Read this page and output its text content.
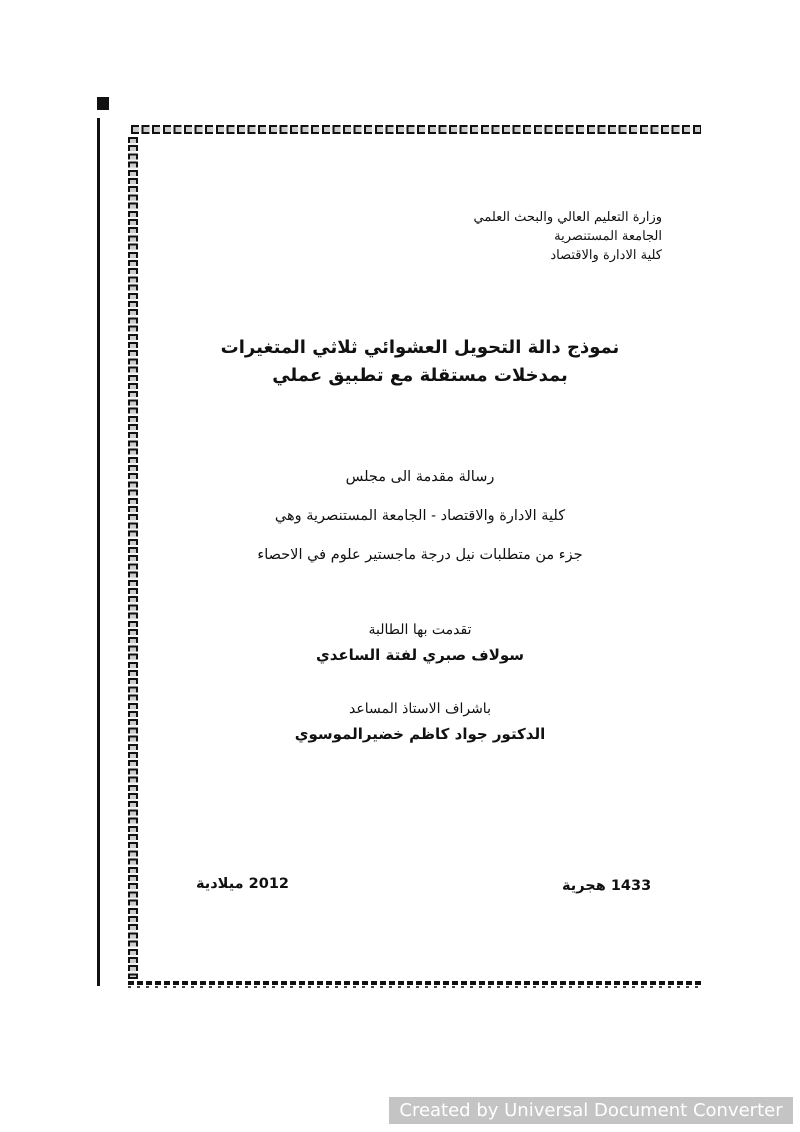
وزارة التعليم العالي والبحث العلمي
الجامعة المستنصرية
كلية الادارة والاقتصاد
نموذج دالة التحويل العشوائي ثلاثي المتغيرات
بمدخلات مستقلة مع تطبيق عملي
رسالة مقدمة الى مجلس
كلية الادارة والاقتصاد - الجامعة المستنصرية وهي
جزء من متطلبات نيل درجة ماجستير علوم في الاحصاء
تقدمت بها الطالبة
سولاف صبري لفتة الساعدي
باشراف الاستاذ المساعد
الدكتور جواد كاظم خضيرالموسوي
2012 ميلادية	1433 هجرية
Created by Universal Document Converter
